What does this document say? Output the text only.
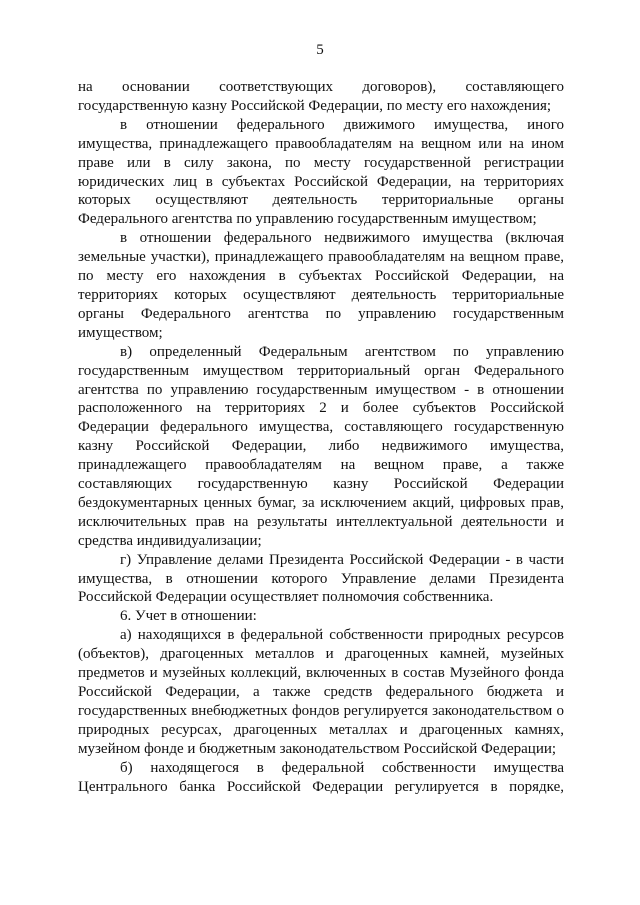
5

на основании соответствующих договоров), составляющего государственную казну Российской Федерации, по месту его нахождения;

в отношении федерального движимого имущества, иного имущества, принадлежащего правообладателям на вещном или на ином праве или в силу закона, по месту государственной регистрации юридических лиц в субъектах Российской Федерации, на территориях которых осуществляют деятельность территориальные органы Федерального агентства по управлению государственным имуществом;

в отношении федерального недвижимого имущества (включая земельные участки), принадлежащего правообладателям на вещном праве, по месту его нахождения в субъектах Российской Федерации, на территориях которых осуществляют деятельность территориальные органы Федерального агентства по управлению государственным имуществом;

в) определенный Федеральным агентством по управлению государственным имуществом территориальный орган Федерального агентства по управлению государственным имуществом - в отношении расположенного на территориях 2 и более субъектов Российской Федерации федерального имущества, составляющего государственную казну Российской Федерации, либо недвижимого имущества, принадлежащего правообладателям на вещном праве, а также составляющих государственную казну Российской Федерации бездокументарных ценных бумаг, за исключением акций, цифровых прав, исключительных прав на результаты интеллектуальной деятельности и средства индивидуализации;

г) Управление делами Президента Российской Федерации - в части имущества, в отношении которого Управление делами Президента Российской Федерации осуществляет полномочия собственника.

6. Учет в отношении:

а) находящихся в федеральной собственности природных ресурсов (объектов), драгоценных металлов и драгоценных камней, музейных предметов и музейных коллекций, включенных в состав Музейного фонда Российской Федерации, а также средств федерального бюджета и государственных внебюджетных фондов регулируется законодательством о природных ресурсах, драгоценных металлах и драгоценных камнях, музейном фонде и бюджетным законодательством Российской Федерации;

б) находящегося в федеральной собственности имущества Центрального банка Российской Федерации регулируется в порядке,
